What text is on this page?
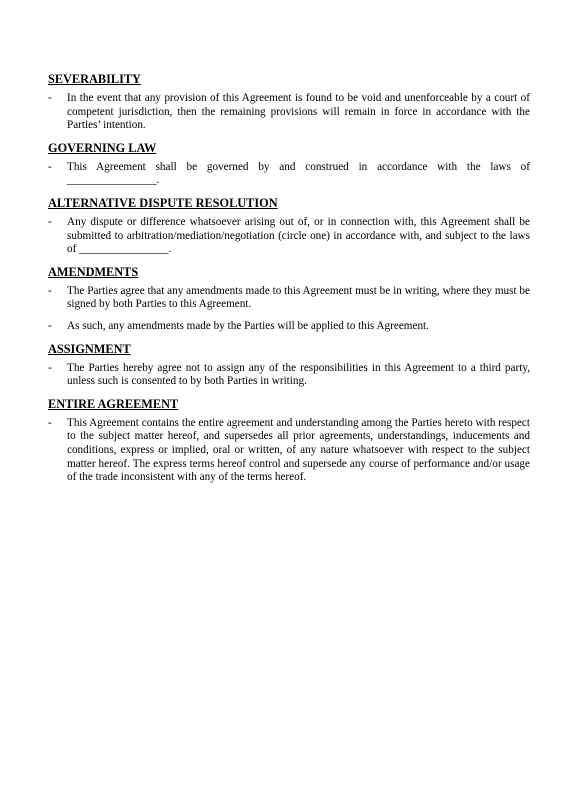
SEVERABILITY
-	In the event that any provision of this Agreement is found to be void and unenforceable by a court of competent jurisdiction, then the remaining provisions will remain in force in accordance with the Parties’ intention.
GOVERNING LAW
-	This Agreement shall be governed by and construed in accordance with the laws of ________________.
ALTERNATIVE DISPUTE RESOLUTION
-	Any dispute or difference whatsoever arising out of, or in connection with, this Agreement shall be submitted to arbitration/mediation/negotiation (circle one) in accordance with, and subject to the laws of ________________.
AMENDMENTS
-	The Parties agree that any amendments made to this Agreement must be in writing, where they must be signed by both Parties to this Agreement.
-	As such, any amendments made by the Parties will be applied to this Agreement.
ASSIGNMENT
-	The Parties hereby agree not to assign any of the responsibilities in this Agreement to a third party, unless such is consented to by both Parties in writing.
ENTIRE AGREEMENT
-	This Agreement contains the entire agreement and understanding among the Parties hereto with respect to the subject matter hereof, and supersedes all prior agreements, understandings, inducements and conditions, express or implied, oral or written, of any nature whatsoever with respect to the subject matter hereof. The express terms hereof control and supersede any course of performance and/or usage of the trade inconsistent with any of the terms hereof.
